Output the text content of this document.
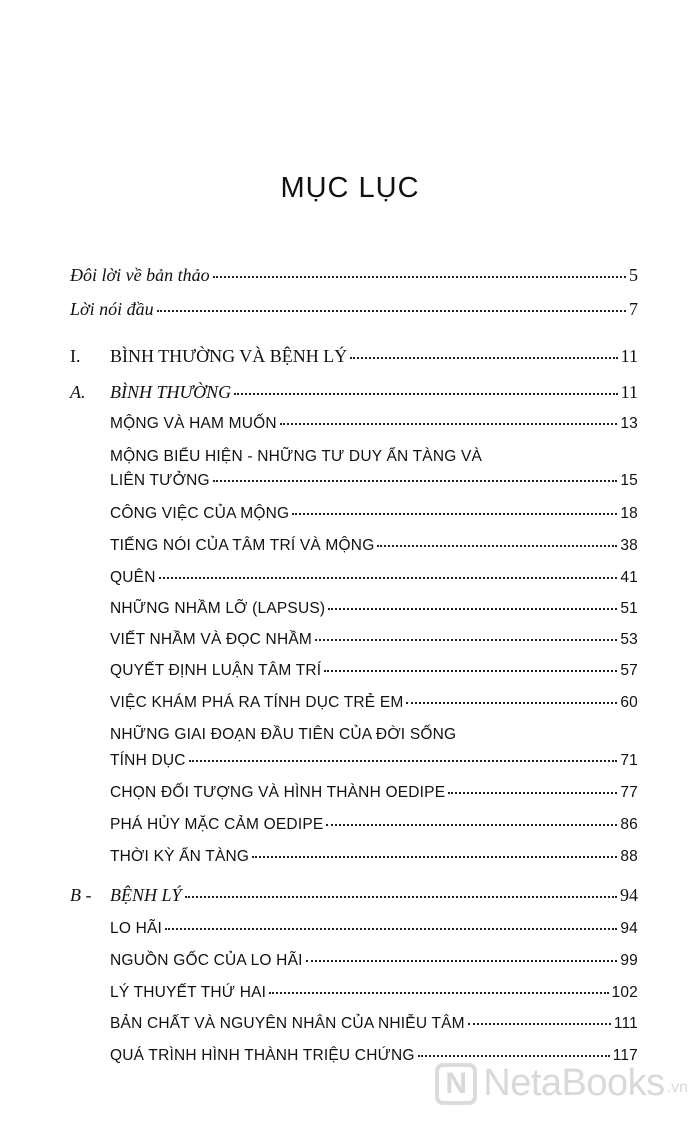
MỤC LỤC
Đôi lời về bản thảo	5
Lời nói đầu	7
I. BÌNH THƯỜNG VÀ BỆNH LÝ	11
A. BÌNH THƯỜNG	11
MỘNG VÀ HAM MUỐN	13
MỘNG BIỂU HIỆN - NHỮNG TƯ DUY ẨN TÀNG VÀ
LIÊN TƯỞNG	15
CÔNG VIỆC CỦA MỘNG	18
TIẾNG NÓI CỦA TÂM TRÍ VÀ MỘNG	38
QUÊN	41
NHỮNG NHẦM LỠ (LAPSUS)	51
VIẾT NHẦM VÀ ĐỌC NHẦM	53
QUYẾT ĐỊNH LUẬN TÂM TRÍ	57
VIỆC KHÁM PHÁ RA TÍNH DỤC TRẺ EM	60
NHỮNG GIAI ĐOẠN ĐẦU TIÊN CỦA ĐỜI SỐNG
TÍNH DỤC	71
CHỌN ĐỐI TƯỢNG VÀ HÌNH THÀNH OEDIPE	77
PHÁ HỦY MẶC CẢM OEDIPE	86
THỜI KỲ ẨN TÀNG	88
B - BỆNH LÝ	94
LO HÃI	94
NGUỒN GỐC CỦA LO HÃI	99
LÝ THUYẾT THỨ HAI	102
BẢN CHẤT VÀ NGUYÊN NHÂN CỦA NHIỄU TÂM	111
QUÁ TRÌNH HÌNH THÀNH TRIỆU CHỨNG	117
N NetaBooks .vn
